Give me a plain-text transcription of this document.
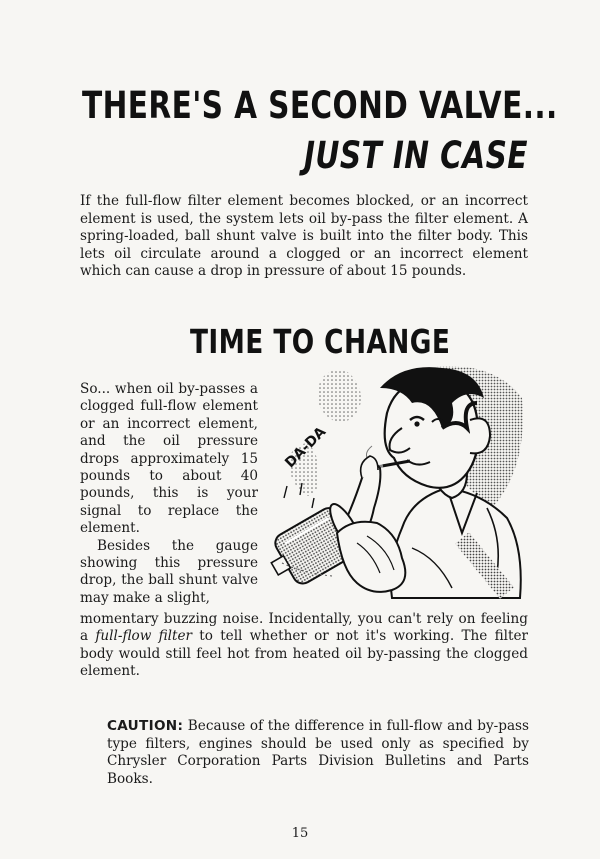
THERE'S A SECOND VALVE...
JUST IN CASE
If the full-flow filter element becomes blocked, or an incorrect element is used, the system lets oil by-pass the filter element. A spring-loaded, ball shunt valve is built into the filter body. This lets oil circulate around a clogged or an incorrect element which can cause a drop in pressure of about 15 pounds.
TIME TO CHANGE

So... when oil by-passes a clogged full-flow element or an incorrect element, and the oil pressure drops approximately 15 pounds to about 40 pounds, this is your signal to replace the element.

Besides the gauge showing this pressure drop, the ball shunt valve may make a slight,

DA-DA
momentary buzzing noise. Incidentally, you can't rely on feeling a full-flow filter to tell whether or not it's working. The filter body would still feel hot from heated oil by-passing the clogged element.
CAUTION: Because of the difference in full-flow and by-pass type filters, engines should be used only as specified by Chrysler Corporation Parts Division Bulletins and Parts Books.
15
